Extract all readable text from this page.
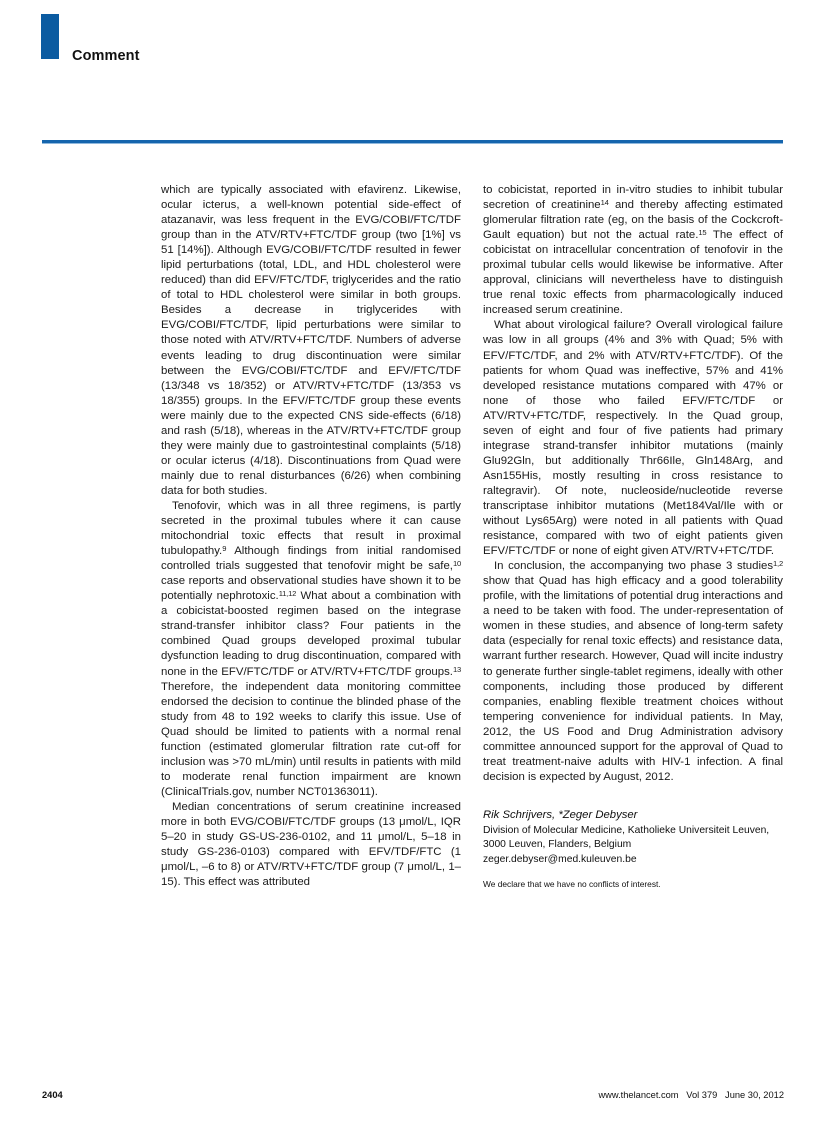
Comment

which are typically associated with efavirenz. Likewise, ocular icterus, a well-known potential side-effect of atazanavir, was less frequent in the EVG/COBI/FTC/TDF group than in the ATV/RTV+FTC/TDF group (two [1%] vs 51 [14%]). Although EVG/COBI/FTC/TDF resulted in fewer lipid perturbations (total, LDL, and HDL cholesterol were reduced) than did EFV/FTC/TDF, triglycerides and the ratio of total to HDL cholesterol were similar in both groups. Besides a decrease in triglycerides with EVG/COBI/FTC/TDF, lipid perturbations were similar to those noted with ATV/RTV+FTC/TDF. Numbers of adverse events leading to drug discontinuation were similar between the EVG/COBI/FTC/TDF and EFV/FTC/TDF (13/348 vs 18/352) or ATV/RTV+FTC/TDF (13/353 vs 18/355) groups. In the EFV/FTC/TDF group these events were mainly due to the expected CNS side-effects (6/18) and rash (5/18), whereas in the ATV/RTV+FTC/TDF group they were mainly due to gastrointestinal complaints (5/18) or ocular icterus (4/18). Discontinuations from Quad were mainly due to renal disturbances (6/26) when combining data for both studies.

Tenofovir, which was in all three regimens, is partly secreted in the proximal tubules where it can cause mitochondrial toxic effects that result in proximal tubulopathy.$^9$ Although findings from initial randomised controlled trials suggested that tenofovir might be safe,$^{10}$ case reports and observational studies have shown it to be potentially nephrotoxic.$^{11,12}$ What about a combination with a cobicistat-boosted regimen based on the integrase strand-transfer inhibitor class? Four patients in the combined Quad groups developed proximal tubular dysfunction leading to drug discontinuation, compared with none in the EFV/FTC/TDF or ATV/RTV+FTC/TDF groups.$^{13}$ Therefore, the independent data monitoring committee endorsed the decision to continue the blinded phase of the study from 48 to 192 weeks to clarify this issue. Use of Quad should be limited to patients with a normal renal function (estimated glomerular filtration rate cut-off for inclusion was >70 mL/min) until results in patients with mild to moderate renal function impairment are known (ClinicalTrials.gov, number NCT01363011).

Median concentrations of serum creatinine increased more in both EVG/COBI/FTC/TDF groups (13 μmol/L, IQR 5–20 in study GS-US-236-0102, and 11 μmol/L, 5–18 in study GS-236-0103) compared with EFV/TDF/FTC (1 μmol/L, –6 to 8) or ATV/RTV+FTC/TDF group (7 μmol/L, 1–15). This effect was attributed

to cobicistat, reported in in-vitro studies to inhibit tubular secretion of creatinine$^{14}$ and thereby affecting estimated glomerular filtration rate (eg, on the basis of the Cockcroft-Gault equation) but not the actual rate.$^{15}$ The effect of cobicistat on intracellular concentration of tenofovir in the proximal tubular cells would likewise be informative. After approval, clinicians will nevertheless have to distinguish true renal toxic effects from pharmacologically induced increased serum creatinine.

What about virological failure? Overall virological failure was low in all groups (4% and 3% with Quad; 5% with EFV/FTC/TDF, and 2% with ATV/RTV+FTC/TDF). Of the patients for whom Quad was ineffective, 57% and 41% developed resistance mutations compared with 47% or none of those who failed EFV/FTC/TDF or ATV/RTV+FTC/TDF, respectively. In the Quad group, seven of eight and four of five patients had primary integrase strand-transfer inhibitor mutations (mainly Glu92Gln, but additionally Thr66Ile, Gln148Arg, and Asn155His, mostly resulting in cross resistance to raltegravir). Of note, nucleoside/nucleotide reverse transcriptase inhibitor mutations (Met184Val/Ile with or without Lys65Arg) were noted in all patients with Quad resistance, compared with two of eight patients given EFV/FTC/TDF or none of eight given ATV/RTV+FTC/TDF.

In conclusion, the accompanying two phase 3 studies$^{1,2}$ show that Quad has high efficacy and a good tolerability profile, with the limitations of potential drug interactions and a need to be taken with food. The under-representation of women in these studies, and absence of long-term safety data (especially for renal toxic effects) and resistance data, warrant further research. However, Quad will incite industry to generate further single-tablet regimens, ideally with other components, including those produced by different companies, enabling flexible treatment choices without tempering convenience for individual patients. In May, 2012, the US Food and Drug Administration advisory committee announced support for the approval of Quad to treat treatment-naive adults with HIV-1 infection. A final decision is expected by August, 2012.

Rik Schrijvers, *Zeger Debyser

Division of Molecular Medicine, Katholieke Universiteit Leuven,

3000 Leuven, Flanders, Belgium

zeger.debyser@med.kuleuven.be

We declare that we have no conflicts of interest.

2404	www.thelancet.com   Vol 379   June 30, 2012
